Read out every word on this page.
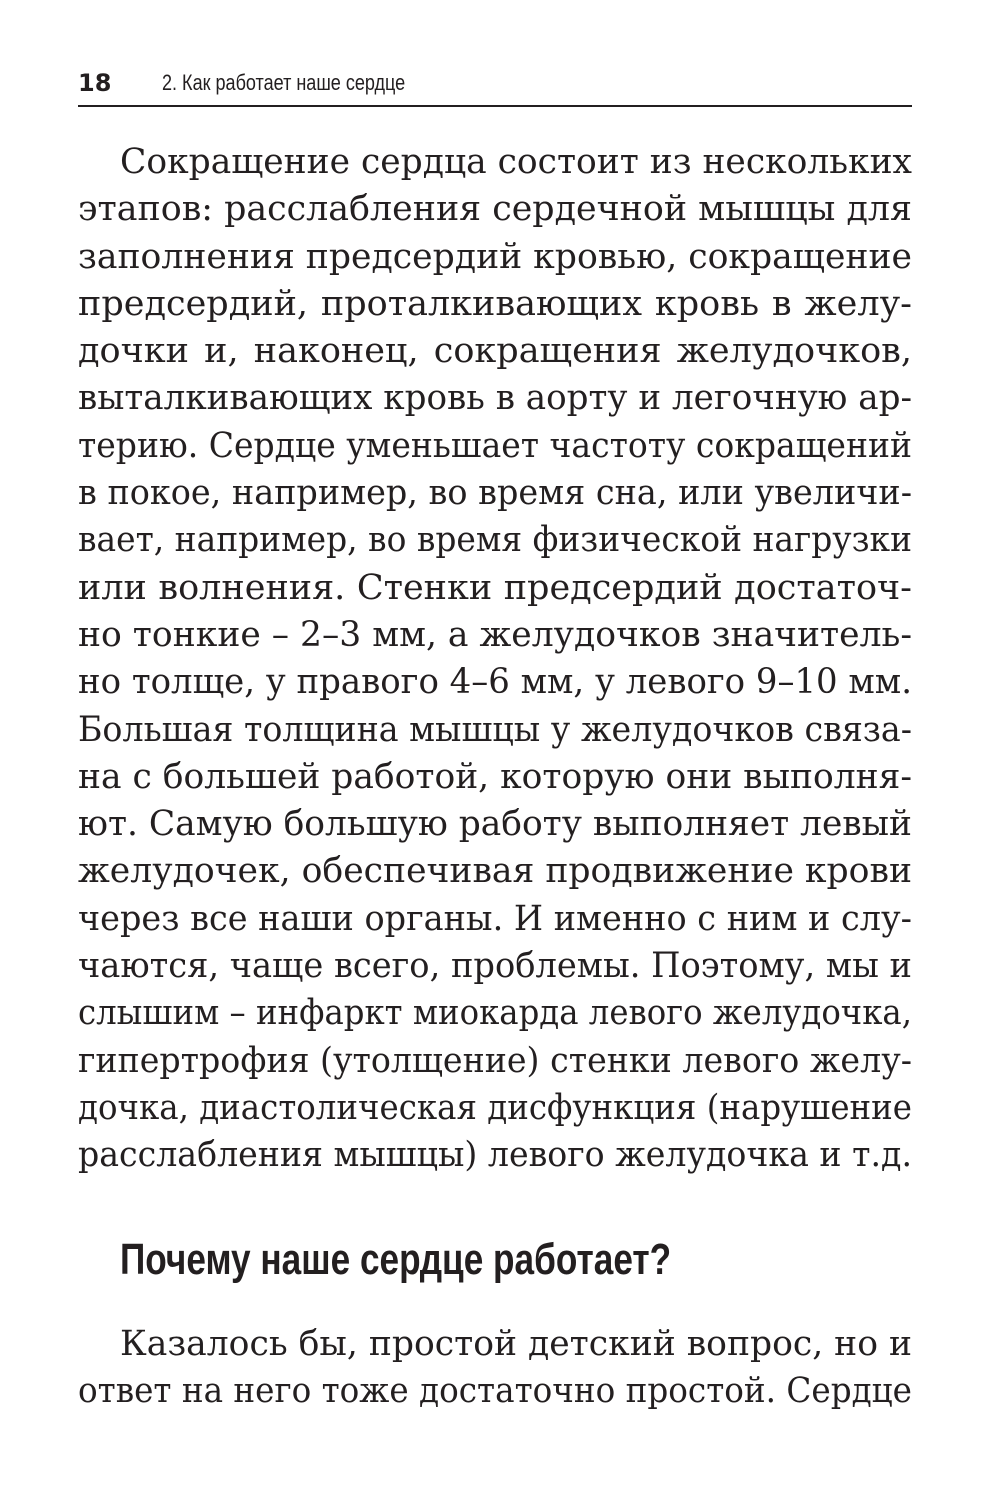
18 2. Как работает наше сердце
Сокращение сердца состоит из нескольких
этапов: расслабления сердечной мышцы для
заполнения предсердий кровью, сокращение
предсердий, проталкивающих кровь в желу-
дочки и, наконец, сокращения желудочков,
выталкивающих кровь в аорту и легочную ар-
терию. Сердце уменьшает частоту сокращений
в покое, например, во время сна, или увеличи-
вает, например, во время физической нагрузки
или волнения. Стенки предсердий достаточ-
но тонкие – 2–3 мм, а желудочков значитель-
но толще, у правого 4–6 мм, у левого 9–10 мм.
Большая толщина мышцы у желудочков связа-
на с большей работой, которую они выполня-
ют. Самую большую работу выполняет левый
желудочек, обеспечивая продвижение крови
через все наши органы. И именно с ним и слу-
чаются, чаще всего, проблемы. Поэтому, мы и
слышим – инфаркт миокарда левого желудочка,
гипертрофия (утолщение) стенки левого желу-
дочка, диастолическая дисфункция (нарушение
расслабления мышцы) левого желудочка и т.д.
Почему наше сердце работает?
Казалось бы, простой детский вопрос, но и
ответ на него тоже достаточно простой. Сердце
